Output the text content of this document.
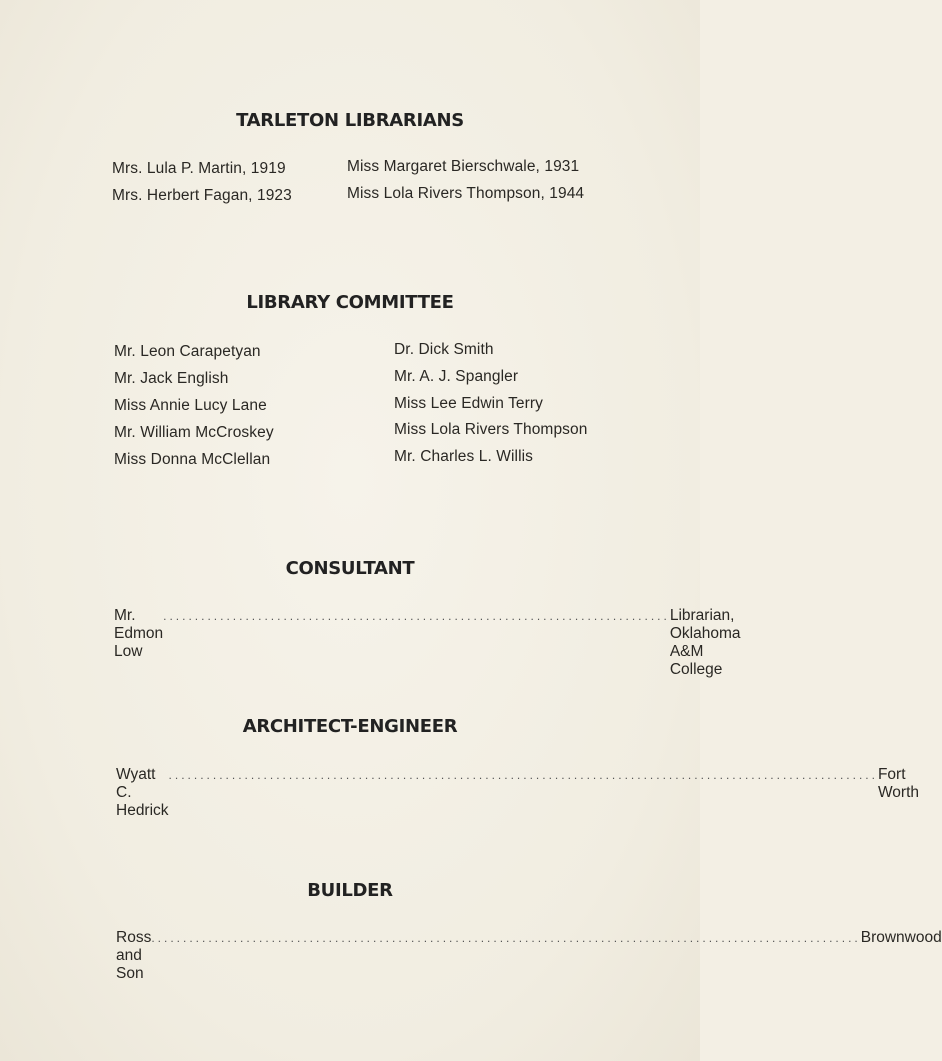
TARLETON LIBRARIANS
Mrs. Lula P. Martin, 1919
Mrs. Herbert Fagan, 1923
Miss Margaret Bierschwale, 1931
Miss Lola Rivers Thompson, 1944
LIBRARY COMMITTEE
Mr. Leon Carapetyan
Mr. Jack English
Miss Annie Lucy Lane
Mr. William McCroskey
Miss Donna McClellan
Dr. Dick Smith
Mr. A. J. Spangler
Miss Lee Edwin Terry
Miss Lola Rivers Thompson
Mr. Charles L. Willis
CONSULTANT
Mr. Edmon Low
................................................................................ Librarian, Oklahoma A&M College
ARCHITECT-ENGINEER
Wyatt C. Hedrick
................................................................................................................ Fort Worth
BUILDER
Ross and Son
................................................................................................................ Brownwood
